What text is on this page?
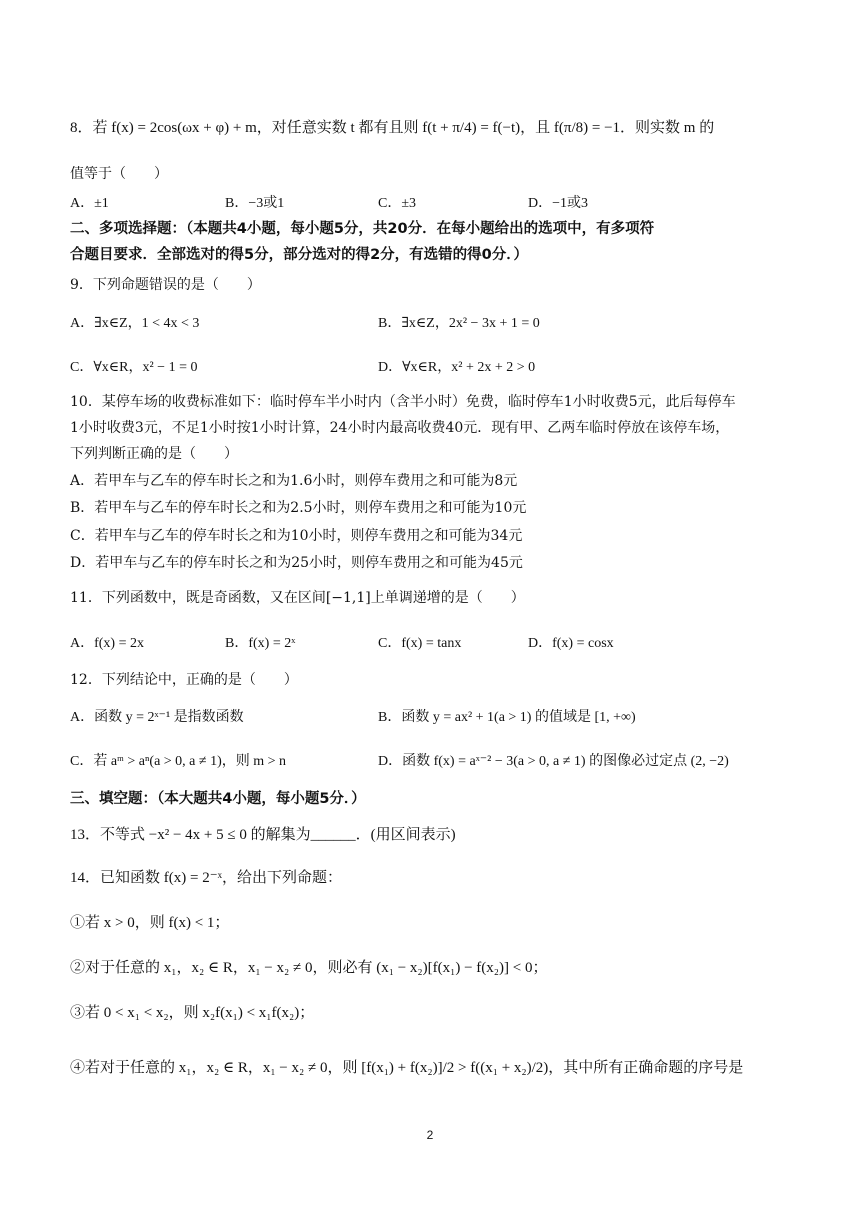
8．若 f(x) = 2cos(ωx + φ) + m，对任意实数 t 都有且则 f(t + π/4) = f(−t)，且 f(π/8) = −1．则实数 m 的
值等于（　　）
A．±1	B．−3或1	C．±3	D．−1或3
二、多项选择题：（本题共4小题，每小题5分，共20分．在每小题给出的选项中，有多项符
合题目要求．全部选对的得5分，部分选对的得2分，有选错的得0分．）
9．下列命题错误的是（　　）
A．∃x∈Z，1 < 4x < 3	B．∃x∈Z，2x² − 3x + 1 = 0
C．∀x∈R，x² − 1 = 0	D．∀x∈R，x² + 2x + 2 > 0
10．某停车场的收费标准如下：临时停车半小时内（含半小时）免费，临时停车1小时收费5元，此后每停车
1小时收费3元，不足1小时按1小时计算，24小时内最高收费40元．现有甲、乙两车临时停放在该停车场，
下列判断正确的是（　　）
A．若甲车与乙车的停车时长之和为1.6小时，则停车费用之和可能为8元
B．若甲车与乙车的停车时长之和为2.5小时，则停车费用之和可能为10元
C．若甲车与乙车的停车时长之和为10小时，则停车费用之和可能为34元
D．若甲车与乙车的停车时长之和为25小时，则停车费用之和可能为45元
11．下列函数中，既是奇函数，又在区间[−1,1]上单调递增的是（　　）
A．f(x) = 2x	B．f(x) = 2ˣ	C．f(x) = tanx	D．f(x) = cosx
12．下列结论中，正确的是（　　）
A．函数 y = 2ˣ⁻¹ 是指数函数	B．函数 y = ax² + 1(a > 1) 的值域是 [1, +∞)
C．若 aᵐ > aⁿ(a > 0, a ≠ 1)，则 m > n	D．函数 f(x) = aˣ⁻² − 3(a > 0, a ≠ 1) 的图像必过定点 (2, −2)
三、填空题：（本大题共4小题，每小题5分．）
13．不等式 −x² − 4x + 5 ≤ 0 的解集为______．(用区间表示)
14．已知函数 f(x) = 2⁻ˣ，给出下列命题：
①若 x > 0，则 f(x) < 1；
②对于任意的 x₁，x₂ ∈ R，x₁ − x₂ ≠ 0，则必有 (x₁ − x₂)[f(x₁) − f(x₂)] < 0；
③若 0 < x₁ < x₂，则 x₂f(x₁) < x₁f(x₂)；
④若对于任意的 x₁，x₂ ∈ R，x₁ − x₂ ≠ 0，则 [f(x₁) + f(x₂)]/2 > f((x₁ + x₂)/2)，其中所有正确命题的序号是
2
